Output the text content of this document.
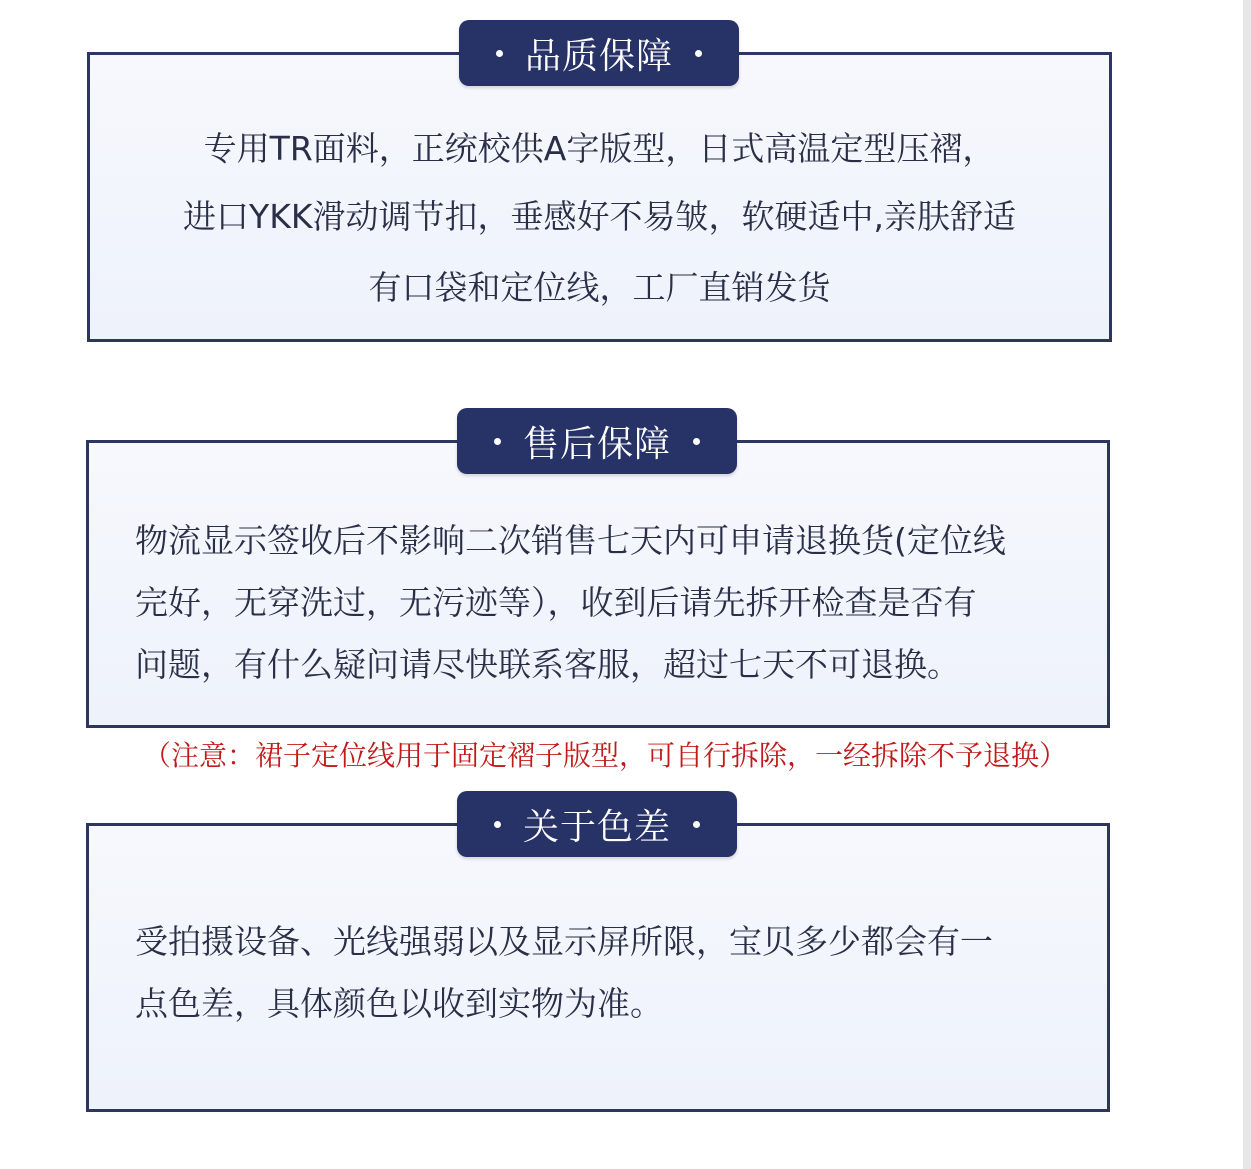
专用TR面料，正统校供A字版型，日式高温定型压褶，
进口YKK滑动调节扣，垂感好不易皱，软硬适中,亲肤舒适
有口袋和定位线，工厂直销发货
品质保障
物流显示签收后不影响二次销售七天内可申请退换货(定位线
完好，无穿洗过，无污迹等），收到后请先拆开检查是否有
问题，有什么疑问请尽快联系客服，超过七天不可退换。
售后保障
（注意：裙子定位线用于固定褶子版型，可自行拆除，一经拆除不予退换）
受拍摄设备、光线强弱以及显示屏所限，宝贝多少都会有一
点色差，具体颜色以收到实物为准。
关于色差
